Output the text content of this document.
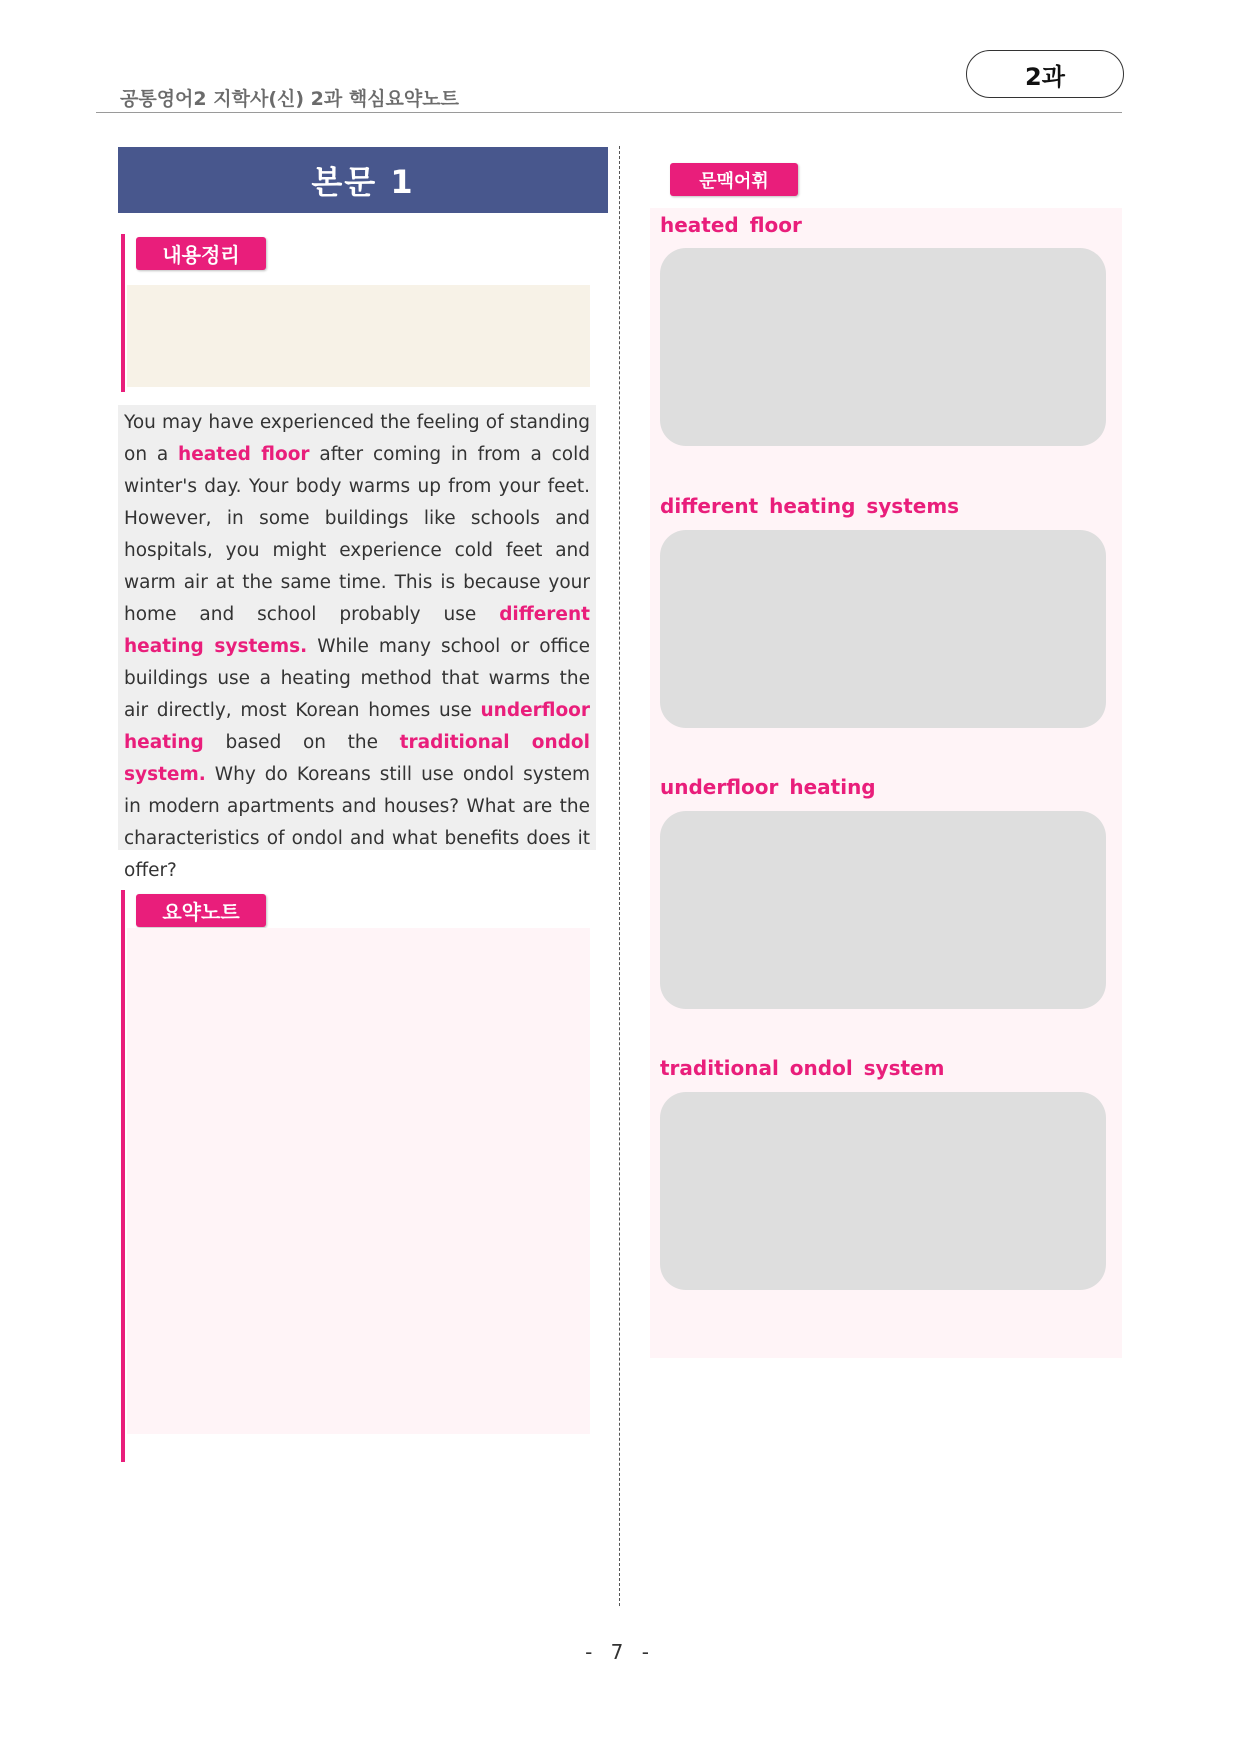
공통영어2 지학사(신) 2과 핵심요약노트
2과
본문 1
내용정리

You may have experienced the feeling of standing on a heated floor after coming in from a cold winter's day. Your body warms up from your feet. However, in some buildings like schools and hospitals, you might experience cold feet and warm air at the same time. This is because your home and school probably use different heating systems. While many school or office buildings use a heating method that warms the air directly, most Korean homes use underfloor heating based on the traditional ondol system. Why do Koreans still use ondol system in modern apartments and houses? What are the characteristics of ondol and what benefits does it offer?

요약노트
문맥어휘
heated floor
different heating systems
underfloor heating
traditional ondol system
- 7 -
